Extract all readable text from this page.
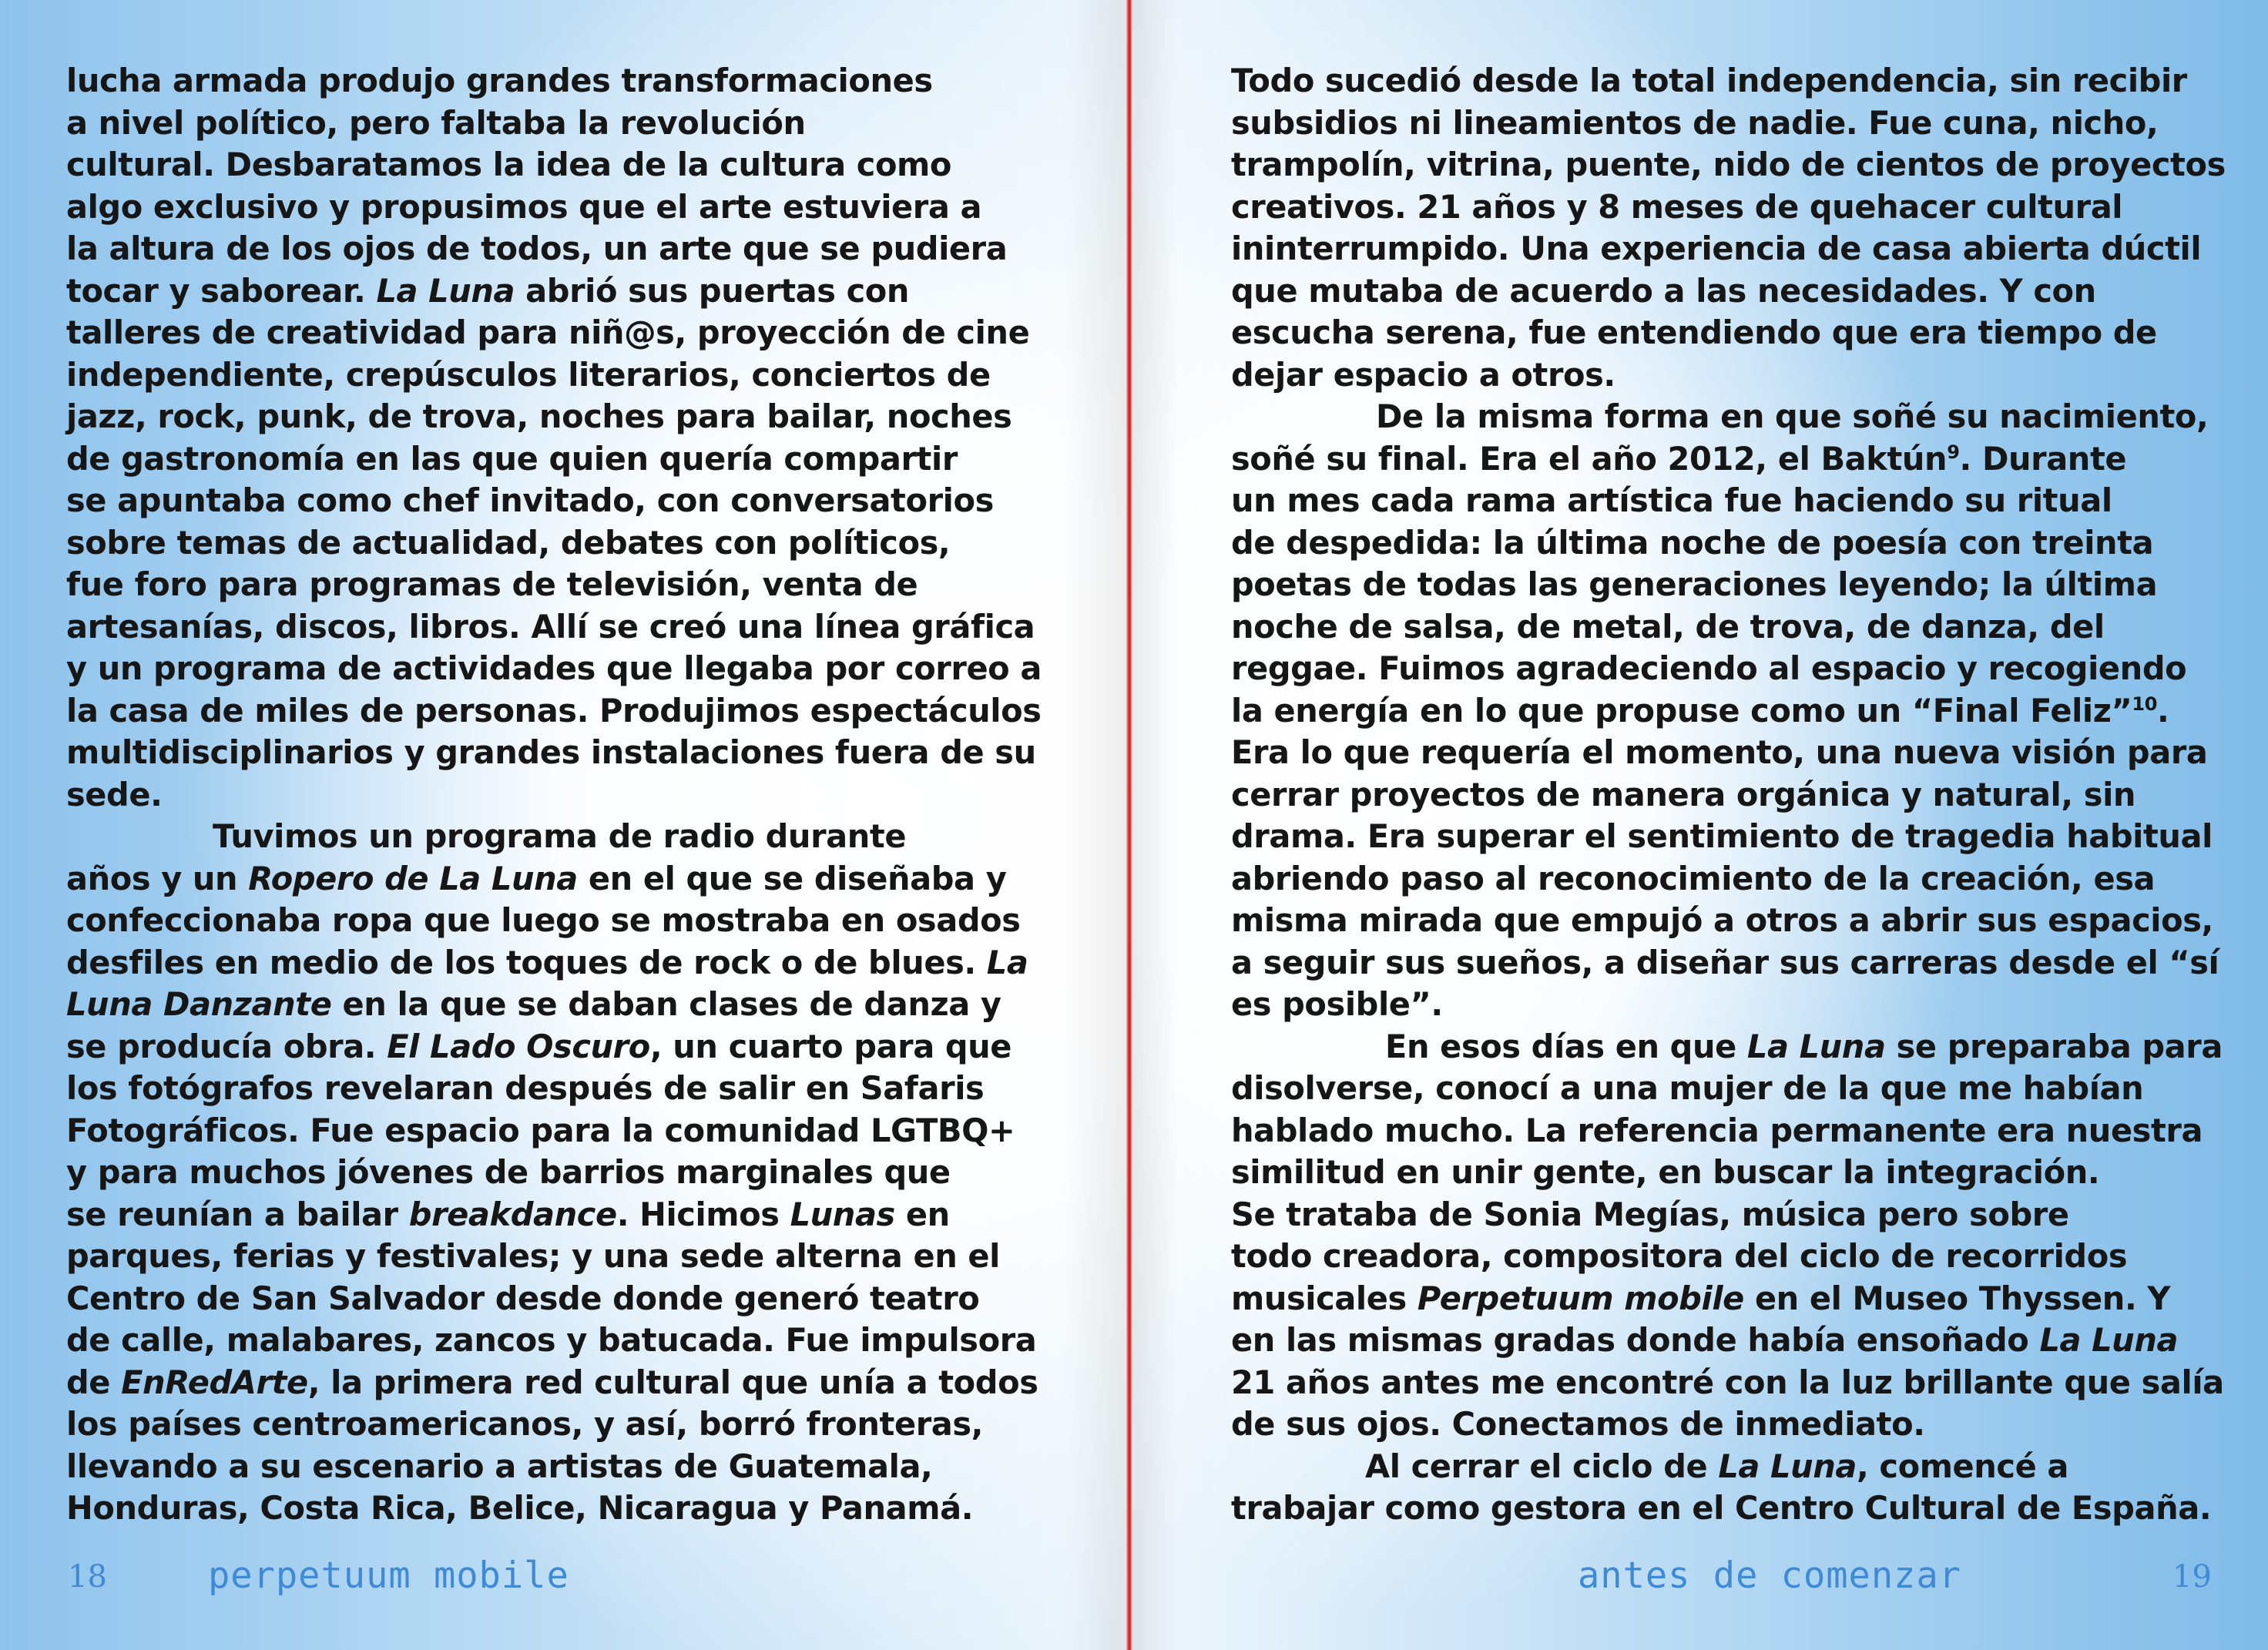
lucha armada produjo grandes transformaciones
a nivel político, pero faltaba la revolución
cultural. Desbaratamos la idea de la cultura como
algo exclusivo y propusimos que el arte estuviera a
la altura de los ojos de todos, un arte que se pudiera
tocar y saborear. La Luna abrió sus puertas con
talleres de creatividad para niñ@s, proyección de cine
independiente, crepúsculos literarios, conciertos de
jazz, rock, punk, de trova, noches para bailar, noches
de gastronomía en las que quien quería compartir
se apuntaba como chef invitado, con conversatorios
sobre temas de actualidad, debates con políticos,
fue foro para programas de televisión, venta de
artesanías, discos, libros. Allí se creó una línea gráfica
y un programa de actividades que llegaba por correo a
la casa de miles de personas. Produjimos espectáculos
multidisciplinarios y grandes instalaciones fuera de su
sede.
Tuvimos un programa de radio durante
años y un Ropero de La Luna en el que se diseñaba y
confeccionaba ropa que luego se mostraba en osados
desfiles en medio de los toques de rock o de blues. La
Luna Danzante en la que se daban clases de danza y
se producía obra. El Lado Oscuro, un cuarto para que
los fotógrafos revelaran después de salir en Safaris
Fotográficos. Fue espacio para la comunidad LGTBQ+
y para muchos jóvenes de barrios marginales que
se reunían a bailar breakdance. Hicimos Lunas en
parques, ferias y festivales; y una sede alterna en el
Centro de San Salvador desde donde generó teatro
de calle, malabares, zancos y batucada. Fue impulsora
de EnRedArte, la primera red cultural que unía a todos
los países centroamericanos, y así, borró fronteras,
llevando a su escenario a artistas de Guatemala,
Honduras, Costa Rica, Belice, Nicaragua y Panamá.
18	perpetuum mobile
Todo sucedió desde la total independencia, sin recibir
subsidios ni lineamientos de nadie. Fue cuna, nicho,
trampolín, vitrina, puente, nido de cientos de proyectos
creativos. 21 años y 8 meses de quehacer cultural
ininterrumpido. Una experiencia de casa abierta dúctil
que mutaba de acuerdo a las necesidades. Y con
escucha serena, fue entendiendo que era tiempo de
dejar espacio a otros.
De la misma forma en que soñé su nacimiento,
soñé su final. Era el año 2012, el Baktún$^9$. Durante
un mes cada rama artística fue haciendo su ritual
de despedida: la última noche de poesía con treinta
poetas de todas las generaciones leyendo; la última
noche de salsa, de metal, de trova, de danza, del
reggae. Fuimos agradeciendo al espacio y recogiendo
la energía en lo que propuse como un “Final Feliz”$^{10}$.
Era lo que requería el momento, una nueva visión para
cerrar proyectos de manera orgánica y natural, sin
drama. Era superar el sentimiento de tragedia habitual
abriendo paso al reconocimiento de la creación, esa
misma mirada que empujó a otros a abrir sus espacios,
a seguir sus sueños, a diseñar sus carreras desde el “sí
es posible”.
En esos días en que La Luna se preparaba para
disolverse, conocí a una mujer de la que me habían
hablado mucho. La referencia permanente era nuestra
similitud en unir gente, en buscar la integración.
Se trataba de Sonia Megías, música pero sobre
todo creadora, compositora del ciclo de recorridos
musicales Perpetuum mobile en el Museo Thyssen. Y
en las mismas gradas donde había ensoñado La Luna
21 años antes me encontré con la luz brillante que salía
de sus ojos. Conectamos de inmediato.
Al cerrar el ciclo de La Luna, comencé a
trabajar como gestora en el Centro Cultural de España.
antes de comenzar	19
